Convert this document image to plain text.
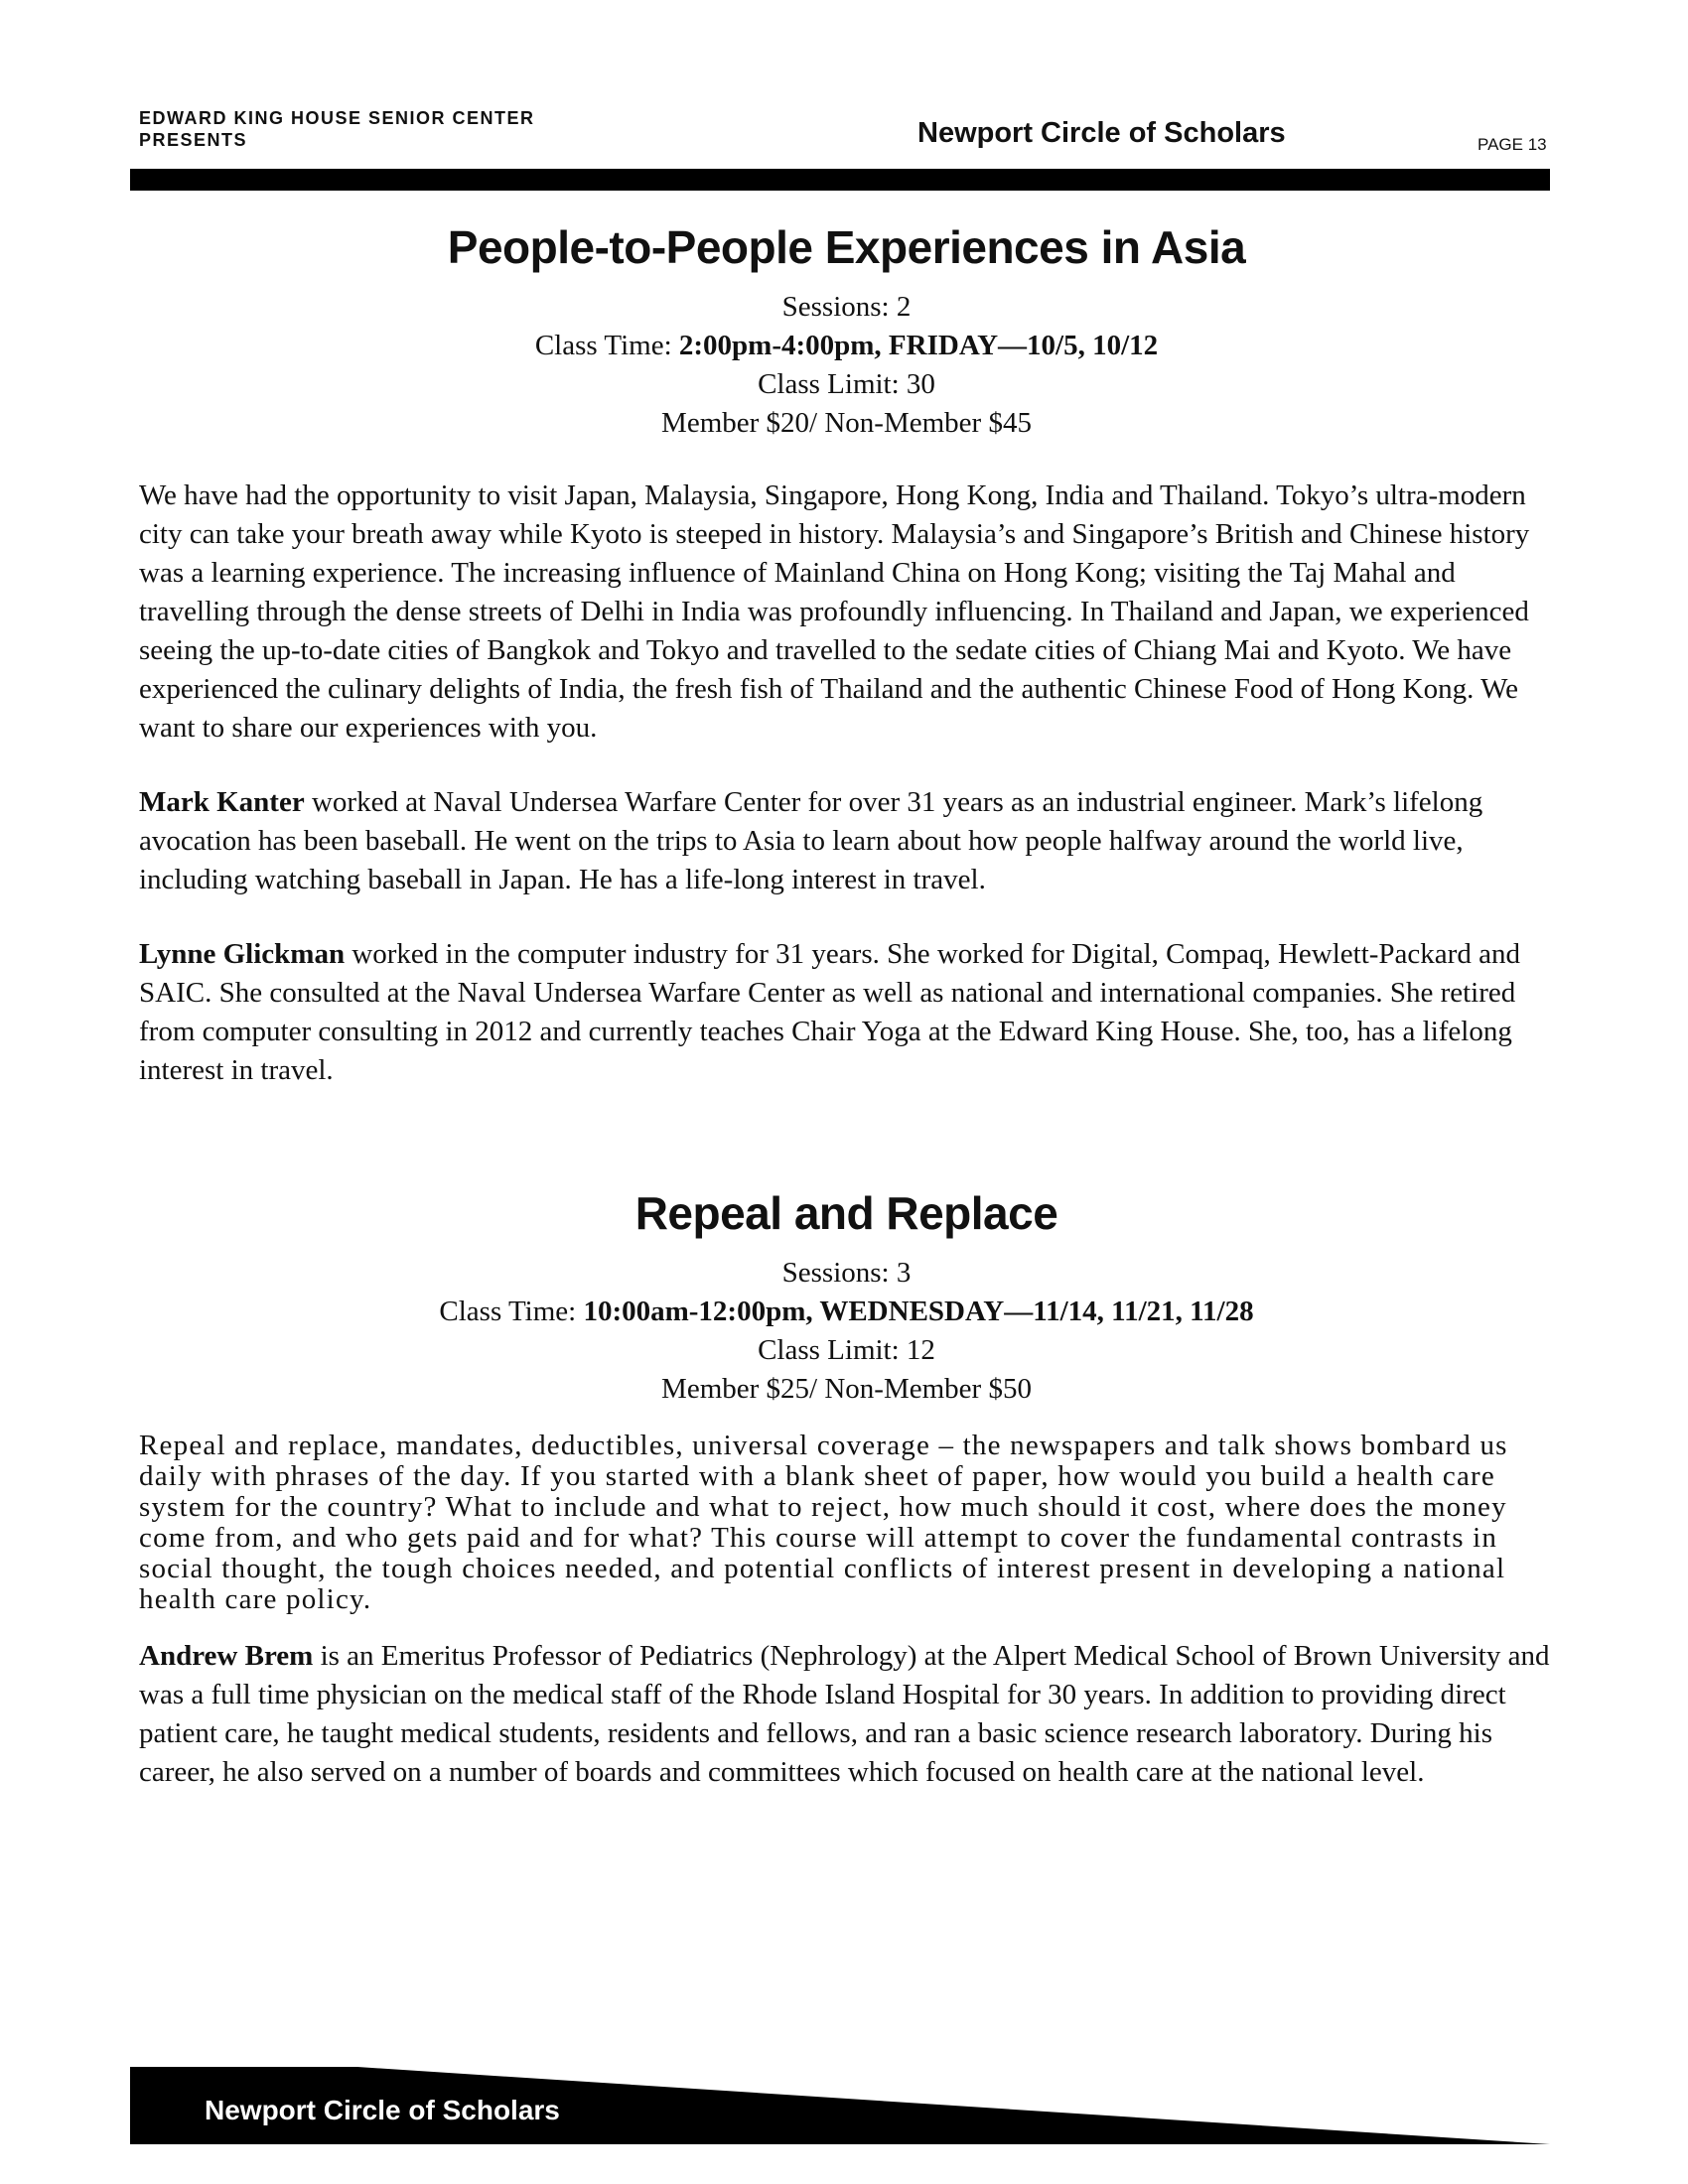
EDWARD KING HOUSE SENIOR CENTER
PRESENTS	Newport Circle of Scholars	PAGE 13
People-to-People Experiences in Asia
Sessions: 2
Class Time: 2:00pm-4:00pm, FRIDAY—10/5, 10/12
Class Limit: 30
Member $20/ Non-Member $45

We have had the opportunity to visit Japan, Malaysia, Singapore, Hong Kong, India and Thailand. Tokyo’s ultra-modern city can take your breath away while Kyoto is steeped in history. Malaysia’s and Singapore’s British and Chinese history was a learning experience. The increasing influence of Mainland China on Hong Kong; visiting the Taj Mahal and travelling through the dense streets of Delhi in India was profoundly influencing. In Thailand and Japan, we experienced seeing the up-to-date cities of Bangkok and Tokyo and travelled to the sedate cities of Chiang Mai and Kyoto. We have experienced the culinary delights of India, the fresh fish of Thailand and the authentic Chinese Food of Hong Kong. We want to share our experiences with you.

Mark Kanter worked at Naval Undersea Warfare Center for over 31 years as an industrial engineer. Mark’s lifelong avocation has been baseball. He went on the trips to Asia to learn about how people halfway around the world live, including watching baseball in Japan. He has a life-long interest in travel.

Lynne Glickman worked in the computer industry for 31 years. She worked for Digital, Compaq, Hewlett-Packard and SAIC. She consulted at the Naval Undersea Warfare Center as well as national and international companies. She retired from computer consulting in 2012 and currently teaches Chair Yoga at the Edward King House. She, too, has a lifelong interest in travel.

Repeal and Replace
Sessions: 3
Class Time: 10:00am-12:00pm, WEDNESDAY—11/14, 11/21, 11/28
Class Limit: 12
Member $25/ Non-Member $50

Repeal and replace, mandates, deductibles, universal coverage – the newspapers and talk shows bombard us daily with phrases of the day. If you started with a blank sheet of paper, how would you build a health care system for the country? What to include and what to reject, how much should it cost, where does the money come from, and who gets paid and for what? This course will attempt to cover the fundamental contrasts in social thought, the tough choices needed, and potential conflicts of interest present in developing a national health care policy.

Andrew Brem is an Emeritus Professor of Pediatrics (Nephrology) at the Alpert Medical School of Brown University and was a full time physician on the medical staff of the Rhode Island Hospital for 30 years. In addition to providing direct patient care, he taught medical students, residents and fellows, and ran a basic science research laboratory. During his career, he also served on a number of boards and committees which focused on health care at the national level.

Newport Circle of Scholars
